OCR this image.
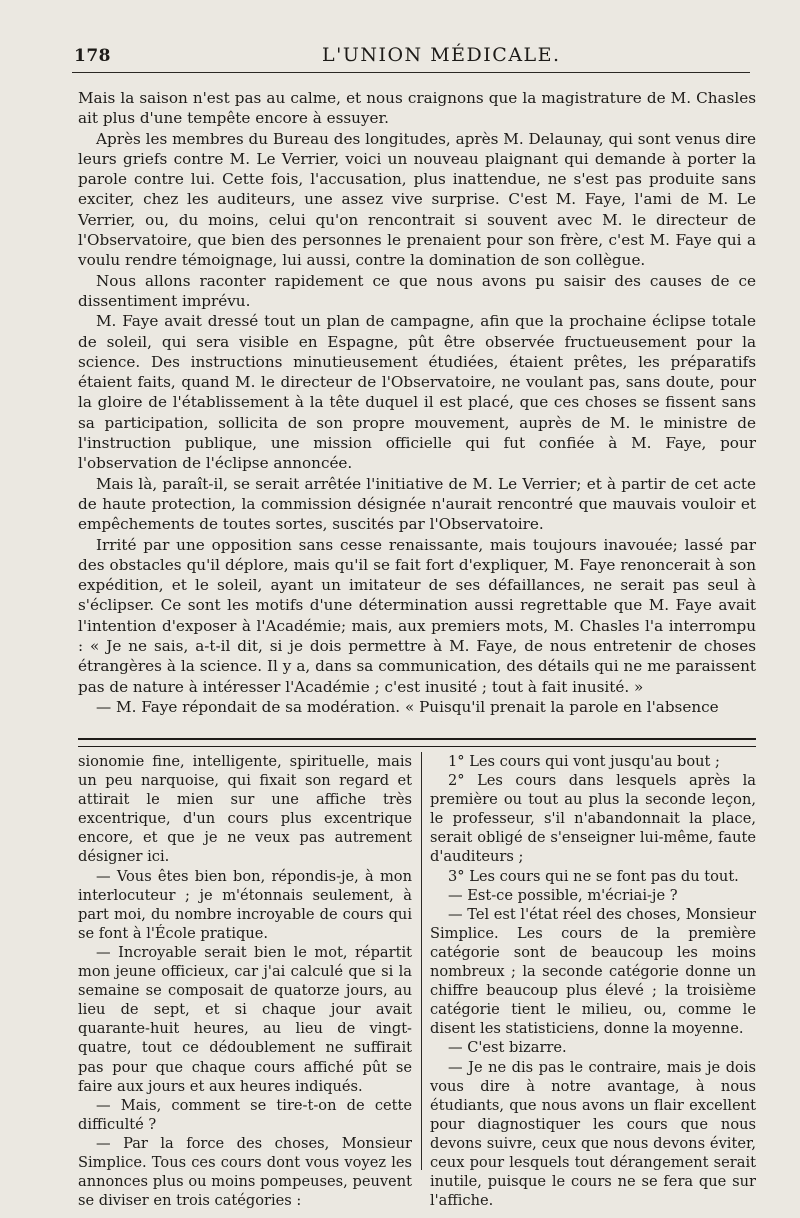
178	L'UNION MÉDICALE.

Mais la saison n'est pas au calme, et nous craignons que la magistrature de M. Chasles ait plus d'une tempête encore à essuyer.

Après les membres du Bureau des longitudes, après M. Delaunay, qui sont venus dire leurs griefs contre M. Le Verrier, voici un nouveau plaignant qui demande à porter la parole contre lui. Cette fois, l'accusation, plus inattendue, ne s'est pas produite sans exciter, chez les auditeurs, une assez vive surprise. C'est M. Faye, l'ami de M. Le Verrier, ou, du moins, celui qu'on rencontrait si souvent avec M. le directeur de l'Observatoire, que bien des personnes le prenaient pour son frère, c'est M. Faye qui a voulu rendre témoignage, lui aussi, contre la domination de son collègue.

Nous allons raconter rapidement ce que nous avons pu saisir des causes de ce dissentiment imprévu.

M. Faye avait dressé tout un plan de campagne, afin que la prochaine éclipse totale de soleil, qui sera visible en Espagne, pût être observée fructueusement pour la science. Des instructions minutieusement étudiées, étaient prêtes, les préparatifs étaient faits, quand M. le directeur de l'Observatoire, ne voulant pas, sans doute, pour la gloire de l'établissement à la tête duquel il est placé, que ces choses se fissent sans sa participation, sollicita de son propre mouvement, auprès de M. le ministre de l'instruction publique, une mission officielle qui fut confiée à M. Faye, pour l'observation de l'éclipse annoncée.

Mais là, paraît-il, se serait arrêtée l'initiative de M. Le Verrier; et à partir de cet acte de haute protection, la commission désignée n'aurait rencontré que mauvais vouloir et empêchements de toutes sortes, suscités par l'Observatoire.

Irrité par une opposition sans cesse renaissante, mais toujours inavouée; lassé par des obstacles qu'il déplore, mais qu'il se fait fort d'expliquer, M. Faye renoncerait à son expédition, et le soleil, ayant un imitateur de ses défaillances, ne serait pas seul à s'éclipser. Ce sont les motifs d'une détermination aussi regrettable que M. Faye avait l'intention d'exposer à l'Académie; mais, aux premiers mots, M. Chasles l'a interrompu : « Je ne sais, a-t-il dit, si je dois permettre à M. Faye, de nous entretenir de choses étrangères à la science. Il y a, dans sa communication, des détails qui ne me paraissent pas de nature à intéresser l'Académie ; c'est inusité ; tout à fait inusité. »

— M. Faye répondait de sa modération. « Puisqu'il prenait la parole en l'absence

sionomie fine, intelligente, spirituelle, mais un peu narquoise, qui fixait son regard et attirait le mien sur une affiche très excentrique, d'un cours plus excentrique encore, et que je ne veux pas autrement désigner ici.

— Vous êtes bien bon, répondis-je, à mon interlocuteur ; je m'étonnais seulement, à part moi, du nombre incroyable de cours qui se font à l'École pratique.

— Incroyable serait bien le mot, répartit mon jeune officieux, car j'ai calculé que si la semaine se composait de quatorze jours, au lieu de sept, et si chaque jour avait quarante-huit heures, au lieu de vingt-quatre, tout ce dédoublement ne suffirait pas pour que chaque cours affiché pût se faire aux jours et aux heures indiqués.

— Mais, comment se tire-t-on de cette difficulté ?

— Par la force des choses, Monsieur Simplice. Tous ces cours dont vous voyez les annonces plus ou moins pompeuses, peuvent se diviser en trois catégories :

1° Les cours qui vont jusqu'au bout ;

2° Les cours dans lesquels après la première ou tout au plus la seconde leçon, le professeur, s'il n'abandonnait la place, serait obligé de s'enseigner lui-même, faute d'auditeurs ;

3° Les cours qui ne se font pas du tout.

— Est-ce possible, m'écriai-je ?

— Tel est l'état réel des choses, Monsieur Simplice. Les cours de la première catégorie sont de beaucoup les moins nombreux ; la seconde catégorie donne un chiffre beaucoup plus élevé ; la troisième catégorie tient le milieu, ou, comme le disent les statisticiens, donne la moyenne.

— C'est bizarre.

— Je ne dis pas le contraire, mais je dois vous dire à notre avantage, à nous étudiants, que nous avons un flair excellent pour diagnostiquer les cours que nous devons suivre, ceux que nous devons éviter, ceux pour lesquels tout dérangement serait inutile, puisque le cours ne se fera que sur l'affiche.
